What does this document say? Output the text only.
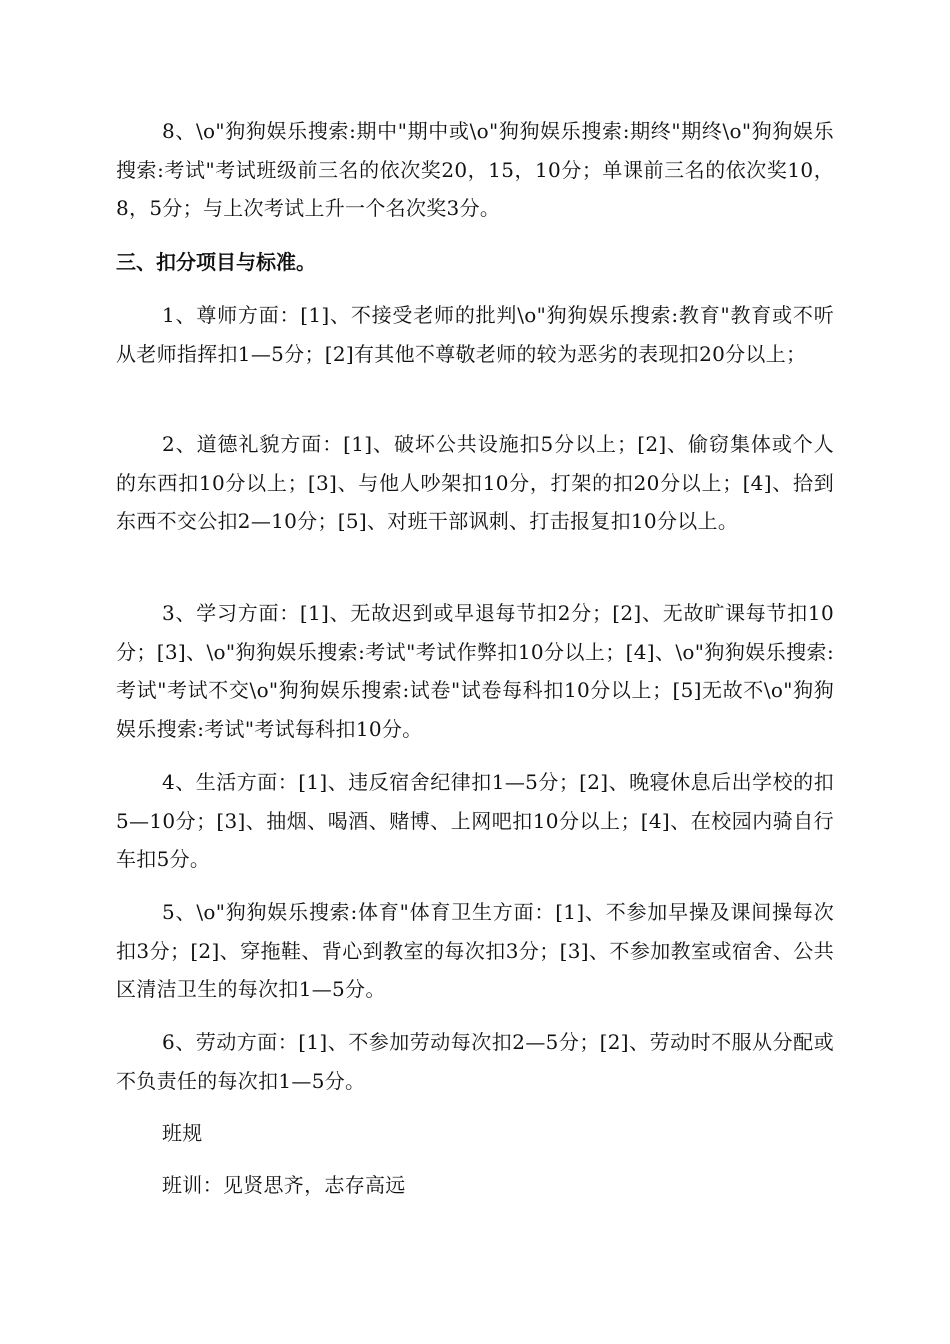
8、\o"狗狗娱乐搜索:期中"期中或\o"狗狗娱乐搜索:期终"期终\o"狗狗娱乐搜索:考试"考试班级前三名的依次奖20，15，10分；单课前三名的依次奖10，8，5分；与上次考试上升一个名次奖3分。

三、扣分项目与标准。

1、尊师方面：[1]、不接受老师的批判\o"狗狗娱乐搜索:教育"教育或不听从老师指挥扣1—5分；[2]有其他不尊敬老师的较为恶劣的表现扣20分以上；

2、道德礼貌方面：[1]、破坏公共设施扣5分以上；[2]、偷窃集体或个人的东西扣10分以上；[3]、与他人吵架扣10分，打架的扣20分以上；[4]、拾到东西不交公扣2—10分；[5]、对班干部讽刺、打击报复扣10分以上。

3、学习方面：[1]、无故迟到或早退每节扣2分；[2]、无故旷课每节扣10分；[3]、\o"狗狗娱乐搜索:考试"考试作弊扣10分以上；[4]、\o"狗狗娱乐搜索:考试"考试不交\o"狗狗娱乐搜索:试卷"试卷每科扣10分以上；[5]无故不\o"狗狗娱乐搜索:考试"考试每科扣10分。

4、生活方面：[1]、违反宿舍纪律扣1—5分；[2]、晚寝休息后出学校的扣5—10分；[3]、抽烟、喝酒、赌博、上网吧扣10分以上；[4]、在校园内骑自行车扣5分。

5、\o"狗狗娱乐搜索:体育"体育卫生方面：[1]、不参加早操及课间操每次扣3分；[2]、穿拖鞋、背心到教室的每次扣3分；[3]、不参加教室或宿舍、公共区清洁卫生的每次扣1—5分。

6、劳动方面：[1]、不参加劳动每次扣2—5分；[2]、劳动时不服从分配或不负责任的每次扣1—5分。

班规

班训：见贤思齐，志存高远
